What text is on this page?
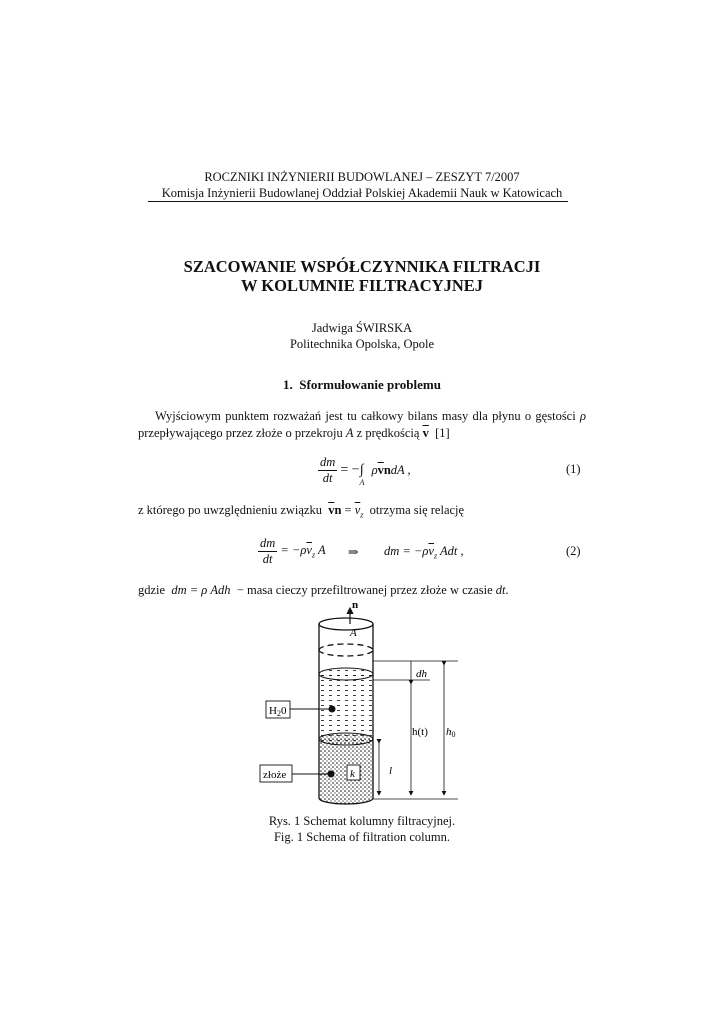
ROCZNIKI INŻYNIERII BUDOWLANEJ – ZESZYT 7/2007
Komisja Inżynierii Budowlanej Oddział Polskiej Akademii Nauk w Katowicach
SZACOWANIE WSPÓŁCZYNNIKA FILTRACJI
W KOLUMNIE FILTRACYJNEJ
Jadwiga ŚWIRSKA
Politechnika Opolska, Opole
1. Sformułowanie problemu
Wyjściowym punktem rozważań jest tu całkowy bilans masy dla płynu o gęstości ρ
przepływającego przez złoże o przekroju A z prędkością $\overline{v}$ [1]
$\frac{dm}{dt} = -\int_A$ $\rho\overline{v}ndA$ ,	(1)
z którego po uwzględnieniu związku $\overline{v}n = \overline{v}_z$ otrzyma się relację
$\frac{dm}{dt} = -\rho\overline{v}_z$ A ⇒ dm = $-\rho\overline{v}_z$ Adt ,	(2)
gdzie dm = ρ Adh − masa cieczy przefiltrowanej przez złoże w czasie dt.
n
A
dh
h(t) h0
l
H20
złoże	k
Rys. 1 Schemat kolumny filtracyjnej.
Fig. 1 Schema of filtration column.
